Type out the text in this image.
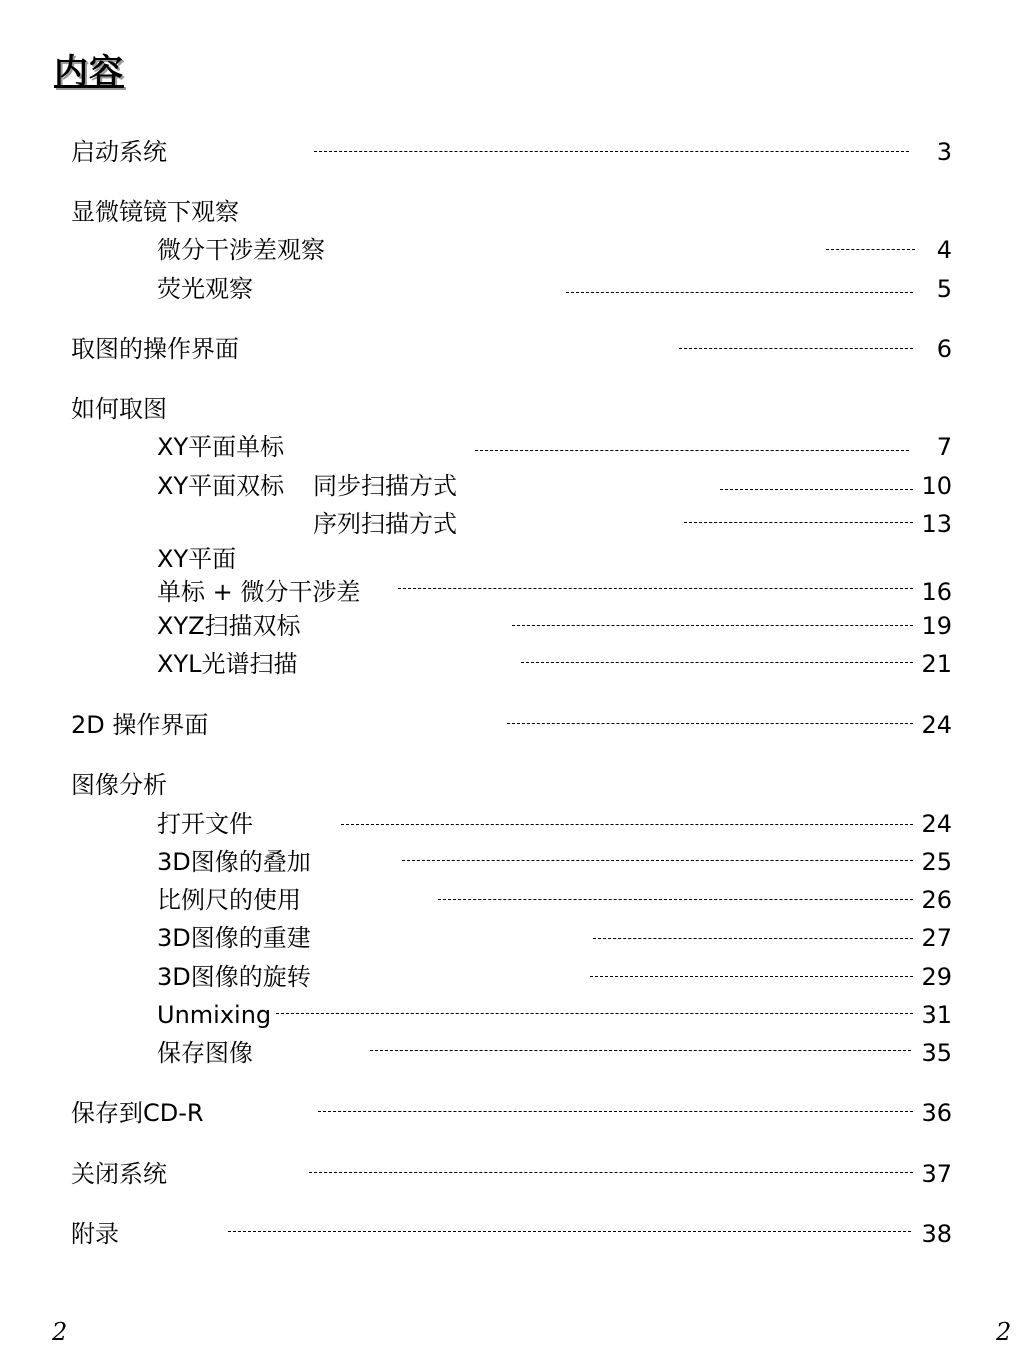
内容
启动系统	3
显微镜镜下观察
微分干涉差观察	4
荧光观察	5
取图的操作界面	6
如何取图
XY平面单标	7
XY平面双标 同步扫描方式	10
序列扫描方式	13
XY平面
单标 + 微分干涉差	16
XYZ扫描双标	19
XYL光谱扫描	21
2D 操作界面	24
图像分析
打开文件	24
3D图像的叠加	25
比例尺的使用	26
3D图像的重建	27
3D图像的旋转	29
Unmixing	31
保存图像	35
保存到CD-R	36
关闭系统	37
附录	38
2	2
